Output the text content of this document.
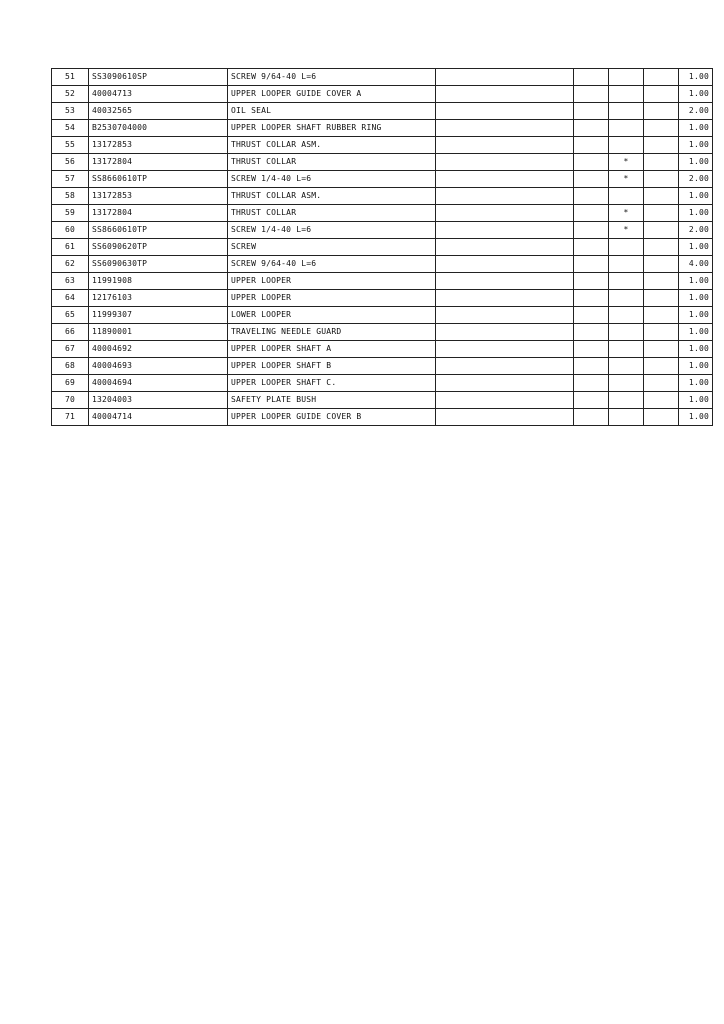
51	SS3090610SP	SCREW 9/64-40 L=6					1.00
52	40004713	UPPER LOOPER GUIDE COVER A					1.00
53	40032565	OIL SEAL					2.00
54	B2530704000	UPPER LOOPER SHAFT RUBBER RING					1.00
55	13172853	THRUST COLLAR ASM.					1.00
56	13172804	THRUST COLLAR			*		1.00
57	SS8660610TP	SCREW 1/4-40 L=6			*		2.00
58	13172853	THRUST COLLAR ASM.					1.00
59	13172804	THRUST COLLAR			*		1.00
60	SS8660610TP	SCREW 1/4-40 L=6			*		2.00
61	SS6090620TP	SCREW					1.00
62	SS6090630TP	SCREW 9/64-40 L=6					4.00
63	11991908	UPPER LOOPER					1.00
64	12176103	UPPER LOOPER					1.00
65	11999307	LOWER LOOPER					1.00
66	11890001	TRAVELING NEEDLE GUARD					1.00
67	40004692	UPPER LOOPER SHAFT A					1.00
68	40004693	UPPER LOOPER SHAFT B					1.00
69	40004694	UPPER LOOPER SHAFT C.					1.00
70	13204003	SAFETY PLATE BUSH					1.00
71	40004714	UPPER LOOPER GUIDE COVER B					1.00
